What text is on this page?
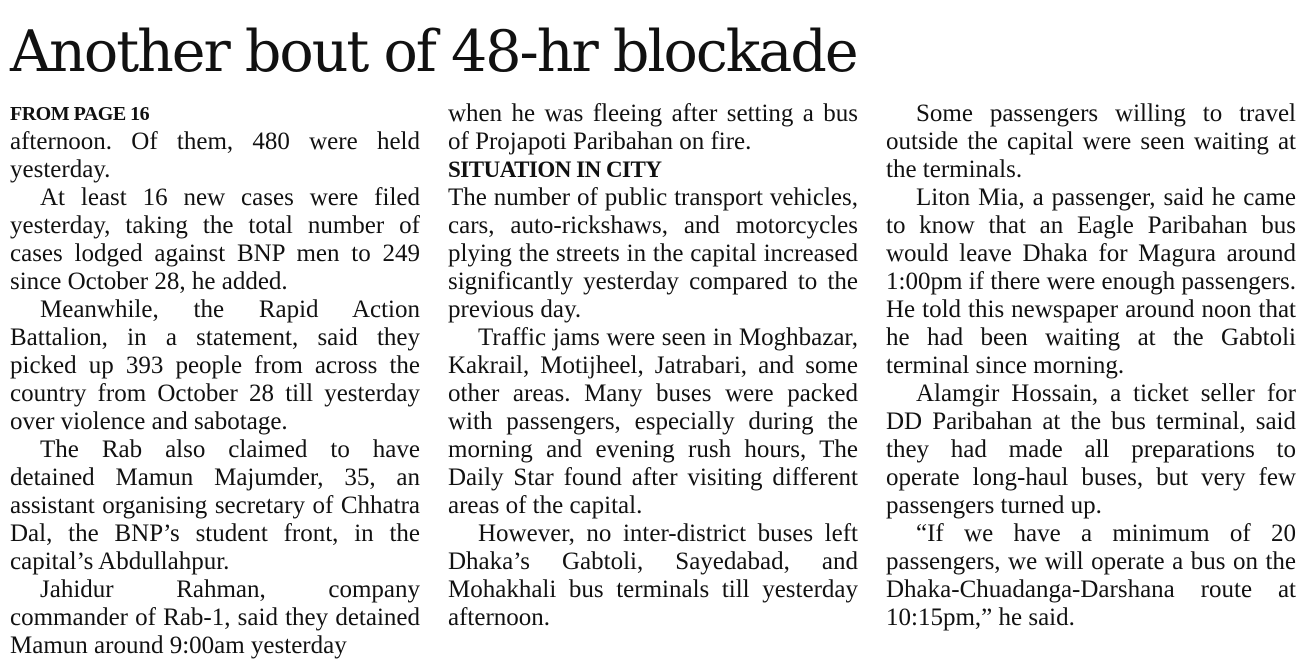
Another bout of 48-hr blockade

FROM PAGE 16

afternoon. Of them, 480 were held yesterday.

At least 16 new cases were filed yesterday, taking the total number of cases lodged against BNP men to 249 since October 28, he added.

Meanwhile, the Rapid Action Battalion, in a statement, said they picked up 393 people from across the country from October 28 till yesterday over violence and sabotage.

The Rab also claimed to have detained Mamun Majumder, 35, an assistant organising secretary of Chhatra Dal, the BNP’s student front, in the capital’s Abdullahpur.

Jahidur Rahman, company commander of Rab-1, said they detained Mamun around 9:00am yesterday

when he was fleeing after setting a bus of Projapoti Paribahan on fire.

SITUATION IN CITY

The number of public transport vehicles, cars, auto-rickshaws, and motorcycles plying the streets in the capital increased significantly yesterday compared to the previous day.

Traffic jams were seen in Moghbazar, Kakrail, Motijheel, Jatrabari, and some other areas. Many buses were packed with passengers, especially during the morning and evening rush hours, The Daily Star found after visiting different areas of the capital.

However, no inter-district buses left Dhaka’s Gabtoli, Sayedabad, and Mohakhali bus terminals till yesterday afternoon.

Some passengers willing to travel outside the capital were seen waiting at the terminals.

Liton Mia, a passenger, said he came to know that an Eagle Paribahan bus would leave Dhaka for Magura around 1:00pm if there were enough passengers. He told this newspaper around noon that he had been waiting at the Gabtoli terminal since morning.

Alamgir Hossain, a ticket seller for DD Paribahan at the bus terminal, said they had made all preparations to operate long-haul buses, but very few passengers turned up.

“If we have a minimum of 20 passengers, we will operate a bus on the Dhaka-Chuadanga-Darshana route at 10:15pm,” he said.
